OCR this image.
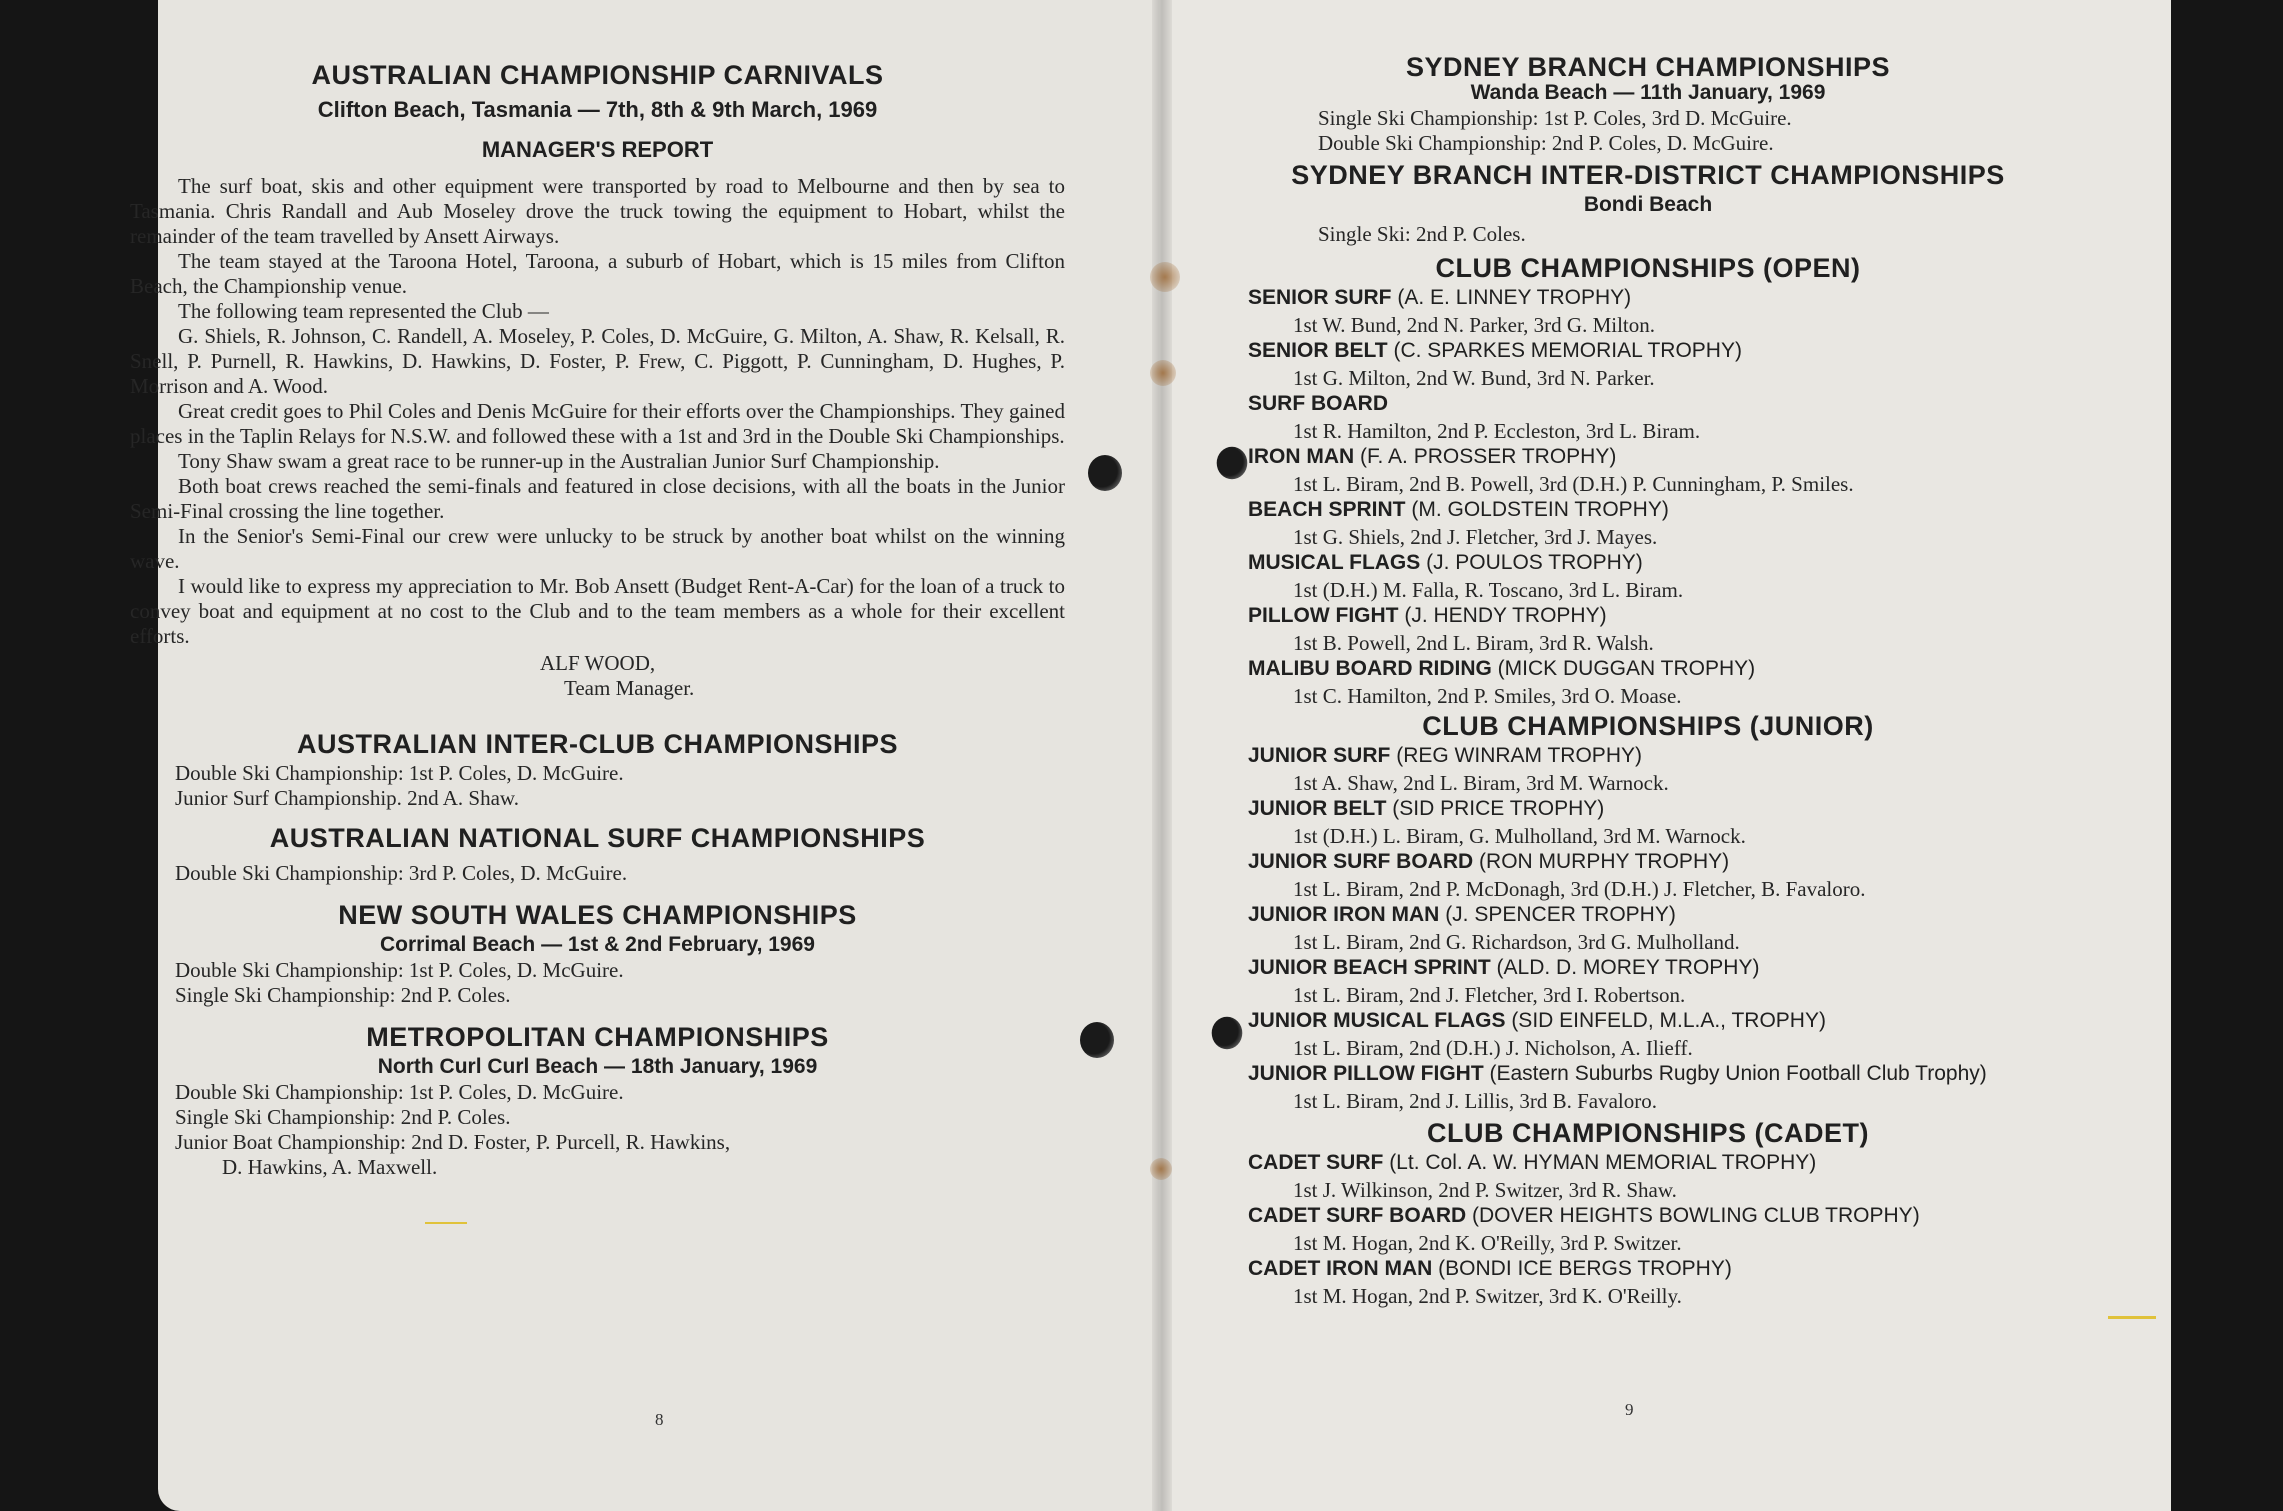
AUSTRALIAN CHAMPIONSHIP CARNIVALS
Clifton Beach, Tasmania — 7th, 8th & 9th March, 1969
MANAGER'S REPORT

The surf boat, skis and other equipment were transported by road to Melbourne and then by sea to Tasmania. Chris Randall and Aub Moseley drove the truck towing the equipment to Hobart, whilst the remainder of the team travelled by Ansett Airways.

The team stayed at the Taroona Hotel, Taroona, a suburb of Hobart, which is 15 miles from Clifton Beach, the Championship venue.

The following team represented the Club —

G. Shiels, R. Johnson, C. Randell, A. Moseley, P. Coles, D. McGuire, G. Milton, A. Shaw, R. Kelsall, R. Snell, P. Purnell, R. Hawkins, D. Hawkins, D. Foster, P. Frew, C. Piggott, P. Cunningham, D. Hughes, P. Morrison and A. Wood.

Great credit goes to Phil Coles and Denis McGuire for their efforts over the Championships. They gained places in the Taplin Relays for N.S.W. and followed these with a 1st and 3rd in the Double Ski Championships.

Tony Shaw swam a great race to be runner-up in the Australian Junior Surf Championship.

Both boat crews reached the semi-finals and featured in close decisions, with all the boats in the Junior Semi-Final crossing the line together.

In the Senior's Semi-Final our crew were unlucky to be struck by another boat whilst on the winning wave.

I would like to express my appreciation to Mr. Bob Ansett (Budget Rent-A-Car) for the loan of a truck to convey boat and equipment at no cost to the Club and to the team members as a whole for their excellent efforts.

ALF WOOD,
Team Manager.
AUSTRALIAN INTER-CLUB CHAMPIONSHIPS
Double Ski Championship: 1st P. Coles, D. McGuire.
Junior Surf Championship. 2nd A. Shaw.
AUSTRALIAN NATIONAL SURF CHAMPIONSHIPS
Double Ski Championship: 3rd P. Coles, D. McGuire.
NEW SOUTH WALES CHAMPIONSHIPS
Corrimal Beach — 1st & 2nd February, 1969
Double Ski Championship: 1st P. Coles, D. McGuire.
Single Ski Championship: 2nd P. Coles.
METROPOLITAN CHAMPIONSHIPS
North Curl Curl Beach — 18th January, 1969
Double Ski Championship: 1st P. Coles, D. McGuire.
Single Ski Championship: 2nd P. Coles.
Junior Boat Championship: 2nd D. Foster, P. Purcell, R. Hawkins,
D. Hawkins, A. Maxwell.
8
SYDNEY BRANCH CHAMPIONSHIPS
Wanda Beach — 11th January, 1969
Single Ski Championship: 1st P. Coles, 3rd D. McGuire.
Double Ski Championship: 2nd P. Coles, D. McGuire.
SYDNEY BRANCH INTER-DISTRICT CHAMPIONSHIPS
Bondi Beach
Single Ski: 2nd P. Coles.
CLUB CHAMPIONSHIPS (OPEN)
SENIOR SURF (A. E. LINNEY TROPHY)
1st W. Bund, 2nd N. Parker, 3rd G. Milton.
SENIOR BELT (C. SPARKES MEMORIAL TROPHY)
1st G. Milton, 2nd W. Bund, 3rd N. Parker.
SURF BOARD
1st R. Hamilton, 2nd P. Eccleston, 3rd L. Biram.
IRON MAN (F. A. PROSSER TROPHY)
1st L. Biram, 2nd B. Powell, 3rd (D.H.) P. Cunningham, P. Smiles.
BEACH SPRINT (M. GOLDSTEIN TROPHY)
1st G. Shiels, 2nd J. Fletcher, 3rd J. Mayes.
MUSICAL FLAGS (J. POULOS TROPHY)
1st (D.H.) M. Falla, R. Toscano, 3rd L. Biram.
PILLOW FIGHT (J. HENDY TROPHY)
1st B. Powell, 2nd L. Biram, 3rd R. Walsh.
MALIBU BOARD RIDING (MICK DUGGAN TROPHY)
1st C. Hamilton, 2nd P. Smiles, 3rd O. Moase.
CLUB CHAMPIONSHIPS (JUNIOR)
JUNIOR SURF (REG WINRAM TROPHY)
1st A. Shaw, 2nd L. Biram, 3rd M. Warnock.
JUNIOR BELT (SID PRICE TROPHY)
1st (D.H.) L. Biram, G. Mulholland, 3rd M. Warnock.
JUNIOR SURF BOARD (RON MURPHY TROPHY)
1st L. Biram, 2nd P. McDonagh, 3rd (D.H.) J. Fletcher, B. Favaloro.
JUNIOR IRON MAN (J. SPENCER TROPHY)
1st L. Biram, 2nd G. Richardson, 3rd G. Mulholland.
JUNIOR BEACH SPRINT (ALD. D. MOREY TROPHY)
1st L. Biram, 2nd J. Fletcher, 3rd I. Robertson.
JUNIOR MUSICAL FLAGS (SID EINFELD, M.L.A., TROPHY)
1st L. Biram, 2nd (D.H.) J. Nicholson, A. Ilieff.
JUNIOR PILLOW FIGHT (Eastern Suburbs Rugby Union Football Club Trophy)
1st L. Biram, 2nd J. Lillis, 3rd B. Favaloro.
CLUB CHAMPIONSHIPS (CADET)
CADET SURF (Lt. Col. A. W. HYMAN MEMORIAL TROPHY)
1st J. Wilkinson, 2nd P. Switzer, 3rd R. Shaw.
CADET SURF BOARD (DOVER HEIGHTS BOWLING CLUB TROPHY)
1st M. Hogan, 2nd K. O'Reilly, 3rd P. Switzer.
CADET IRON MAN (BONDI ICE BERGS TROPHY)
1st M. Hogan, 2nd P. Switzer, 3rd K. O'Reilly.
9
